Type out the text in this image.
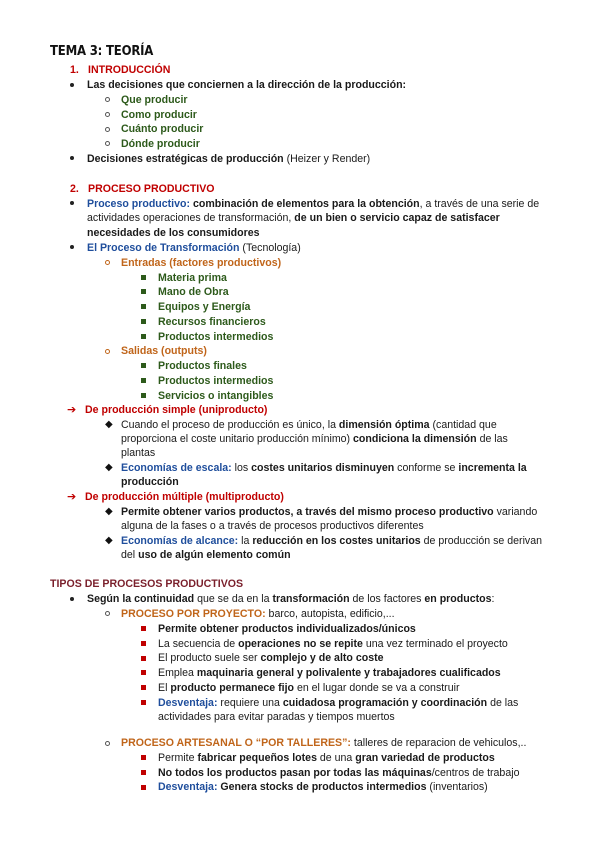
TEMA 3: TEORÍA
1. INTRODUCCIÓN
Las decisiones que conciernen a la dirección de la producción:
Que producir
Como producir
Cuánto producir
Dónde producir
Decisiones estratégicas de producción (Heizer y Render)
2. PROCESO PRODUCTIVO
Proceso productivo: combinación de elementos para la obtención, a través de una serie de
actividades operaciones de transformación, de un bien o servicio capaz de satisfacer
necesidades de los consumidores
El Proceso de Transformación (Tecnología)
Entradas (factores productivos)
Materia prima
Mano de Obra
Equipos y Energía
Recursos financieros
Productos intermedios
Salidas (outputs)
Productos finales
Productos intermedios
Servicios o intangibles
➔ De producción simple (uniproducto)
◆ Cuando el proceso de producción es único, la dimensión óptima (cantidad que
proporciona el coste unitario producción mínimo) condiciona la dimensión de las
plantas
◆ Economías de escala: los costes unitarios disminuyen conforme se incrementa la
producción
➔ De producción múltiple (multiproducto)
◆ Permite obtener varios productos, a través del mismo proceso productivo variando
alguna de la fases o a través de procesos productivos diferentes
◆ Economías de alcance: la reducción en los costes unitarios de producción se derivan
del uso de algún elemento común
TIPOS DE PROCESOS PRODUCTIVOS
Según la continuidad que se da en la transformación de los factores en productos:
PROCESO POR PROYECTO: barco, autopista, edificio,...
Permite obtener productos individualizados/únicos
La secuencia de operaciones no se repite una vez terminado el proyecto
El producto suele ser complejo y de alto coste
Emplea maquinaria general y polivalente y trabajadores cualificados
El producto permanece fijo en el lugar donde se va a construir
Desventaja: requiere una cuidadosa programación y coordinación de las
actividades para evitar paradas y tiempos muertos
PROCESO ARTESANAL O “POR TALLERES”: talleres de reparacion de vehiculos,..
Permite fabricar pequeños lotes de una gran variedad de productos
No todos los productos pasan por todas las máquinas/centros de trabajo
Desventaja: Genera stocks de productos intermedios (inventarios)
